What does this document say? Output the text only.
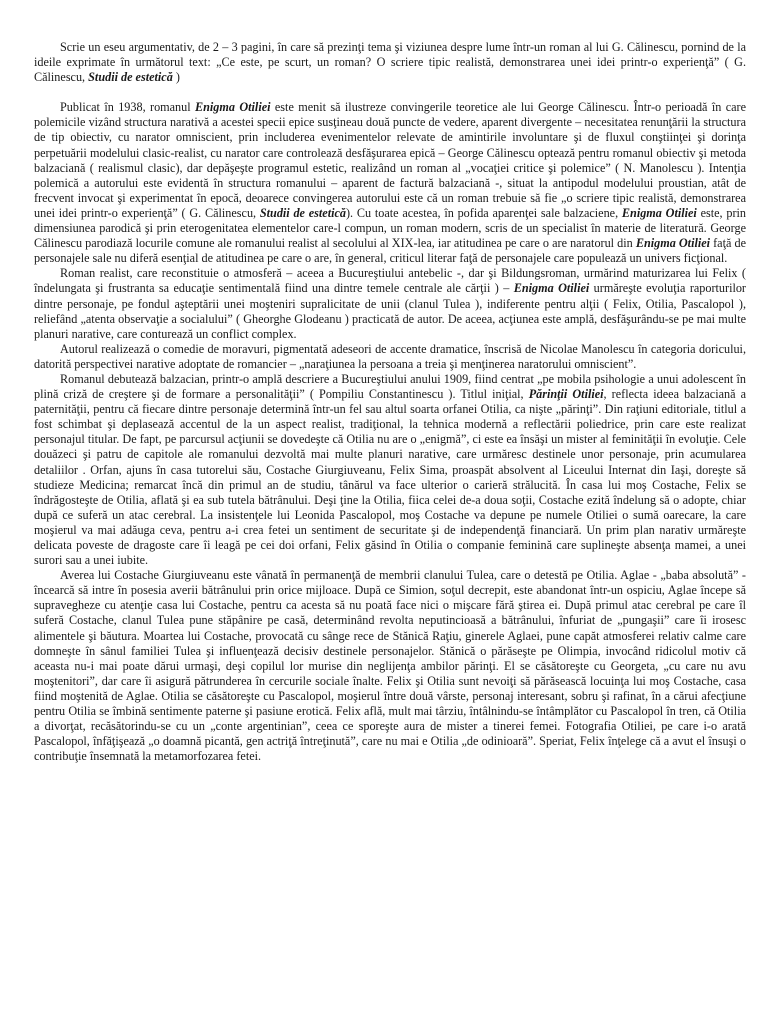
Scrie un eseu argumentativ, de 2 – 3 pagini, în care să prezinţi tema şi viziunea despre lume într-un roman al lui G. Călinescu, pornind de la ideile exprimate în următorul text: „Ce este, pe scurt, un roman? O scriere tipic realistă, demonstrarea unei idei printr-o experienţă” ( G. Călinescu, Studii de estetică )

Publicat în 1938, romanul Enigma Otiliei este menit să ilustreze convingerile teoretice ale lui George Călinescu. Într-o perioadă în care polemicile vizând structura narativă a acestei specii epice susţineau două puncte de vedere, aparent divergente – necesitatea renunţării la structura de tip obiectiv, cu narator omniscient, prin includerea evenimentelor relevate de amintirile involuntare şi de fluxul conştiinţei şi dorinţa perpetuării modelului clasic-realist, cu narator care controlează desfăşurarea epică – George Călinescu optează pentru romanul obiectiv şi metoda balzaciană ( realismul clasic), dar depăşeşte programul estetic, realizând un roman al „vocaţiei critice şi polemice” ( N. Manolescu ). Intenţia polemică a autorului este evidentă în structura romanului – aparent de factură balzaciană -, situat la antipodul modelului proustian, atât de frecvent invocat şi experimentat în epocă, deoarece convingerea autorului este că un roman trebuie să fie „o scriere tipic realistă, demonstrarea unei idei printr-o experienţă” ( G. Călinescu, Studii de estetică). Cu toate acestea, în pofida aparenţei sale balzaciene, Enigma Otiliei este, prin dimensiunea parodică şi prin eterogenitatea elementelor care-l compun, un roman modern, scris de un specialist în materie de literatură. George Călinescu parodiază locurile comune ale romanului realist al secolului al XIX-lea, iar atitudinea pe care o are naratorul din Enigma Otiliei faţă de personajele sale nu diferă esenţial de atitudinea pe care o are, în general, criticul literar faţă de personajele care populează un univers ficţional.

Roman realist, care reconstituie o atmosferă – aceea a Bucureştiului antebelic -, dar şi Bildungsroman, urmărind maturizarea lui Felix ( îndelungata şi frustranta sa educaţie sentimentală fiind una dintre temele centrale ale cărţii ) – Enigma Otiliei urmăreşte evoluţia raporturilor dintre personaje, pe fondul aşteptării unei moşteniri supralicitate de unii (clanul Tulea ), indiferente pentru alţii ( Felix, Otilia, Pascalopol ), reliefând „atenta observaţie a socialului” ( Gheorghe Glodeanu ) practicată de autor. De aceea, acţiunea este amplă, desfăşurându-se pe mai multe planuri narative, care conturează un conflict complex.

Autorul realizează o comedie de moravuri, pigmentată adeseori de accente dramatice, înscrisă de Nicolae Manolescu în categoria doricului, datorită perspectivei narative adoptate de romancier – „naraţiunea la persoana a treia şi menţinerea naratorului omniscient”.

Romanul debutează balzacian, printr-o amplă descriere a Bucureştiului anului 1909, fiind centrat „pe mobila psihologie a unui adolescent în plină criză de creştere şi de formare a personalităţii” ( Pompiliu Constantinescu ). Titlul iniţial, Părinţii Otiliei, reflecta ideea balzaciană a paternităţii, pentru că fiecare dintre personaje determină într-un fel sau altul soarta orfanei Otilia, ca nişte „părinţi”. Din raţiuni editoriale, titlul a fost schimbat şi deplasează accentul de la un aspect realist, tradiţional, la tehnica modernă a reflectării poliedrice, prin care este realizat personajul titular. De fapt, pe parcursul acţiunii se dovedeşte că Otilia nu are o „enigmă”, ci este ea însăşi un mister al feminităţii în evoluţie. Cele douăzeci şi patru de capitole ale romanului dezvoltă mai multe planuri narative, care urmăresc destinele unor personaje, prin acumularea detaliilor . Orfan, ajuns în casa tutorelui său, Costache Giurgiuveanu, Felix Sima, proaspăt absolvent al Liceului Internat din Iaşi, doreşte să studieze Medicina; remarcat încă din primul an de studiu, tânărul va face ulterior o carieră strălucită. În casa lui moş Costache, Felix se îndrăgosteşte de Otilia, aflată şi ea sub tutela bătrânului. Deşi ţine la Otilia, fiica celei de-a doua soţii, Costache ezită îndelung să o adopte, chiar după ce suferă un atac cerebral. La insistenţele lui Leonida Pascalopol, moş Costache va depune pe numele Otiliei o sumă oarecare, la care moşierul va mai adăuga ceva, pentru a-i crea fetei un sentiment de securitate şi de independenţă financiară. Un prim plan narativ urmăreşte delicata poveste de dragoste care îi leagă pe cei doi orfani, Felix găsind în Otilia o companie feminină care suplineşte absenţa mamei, a unei surori sau a unei iubite.

Averea lui Costache Giurgiuveanu este vânată în permanenţă de membrii clanului Tulea, care o detestă pe Otilia. Aglae - „baba absolută” - încearcă să intre în posesia averii bătrânului prin orice mijloace. După ce Simion, soţul decrepit, este abandonat într-un ospiciu, Aglae începe să supravegheze cu atenţie casa lui Costache, pentru ca acesta să nu poată face nici o mişcare fără ştirea ei. După primul atac cerebral pe care îl suferă Costache, clanul Tulea pune stăpânire pe casă, determinând revolta neputincioasă a bătrânului, înfuriat de „pungaşii” care îi irosesc alimentele şi băutura. Moartea lui Costache, provocată cu sânge rece de Stănică Raţiu, ginerele Aglaei, pune capăt atmosferei relativ calme care domneşte în sânul familiei Tulea şi influenţează decisiv destinele personajelor. Stănică o părăseşte pe Olimpia, invocând ridicolul motiv că aceasta nu-i mai poate dărui urmaşi, deşi copilul lor murise din neglijenţa ambilor părinţi. El se căsătoreşte cu Georgeta, „cu care nu avu moştenitori”, dar care îi asigură pătrunderea în cercurile sociale înalte. Felix şi Otilia sunt nevoiţi să părăsească locuinţa lui moş Costache, casa fiind moştenită de Aglae. Otilia se căsătoreşte cu Pascalopol, moşierul între două vârste, personaj interesant, sobru şi rafinat, în a cărui afecţiune pentru Otilia se îmbină sentimente paterne şi pasiune erotică. Felix află, mult mai târziu, întâlnindu-se întâmplător cu Pascalopol în tren, că Otilia a divorţat, recăsătorindu-se cu un „conte argentinian”, ceea ce sporeşte aura de mister a tinerei femei. Fotografia Otiliei, pe care i-o arată Pascalopol, înfăţişează „o doamnă picantă, gen actriţă întreţinută”, care nu mai e Otilia „de odinioară”. Speriat, Felix înţelege că a avut el însuşi o contribuţie însemnată la metamorfozarea fetei.
